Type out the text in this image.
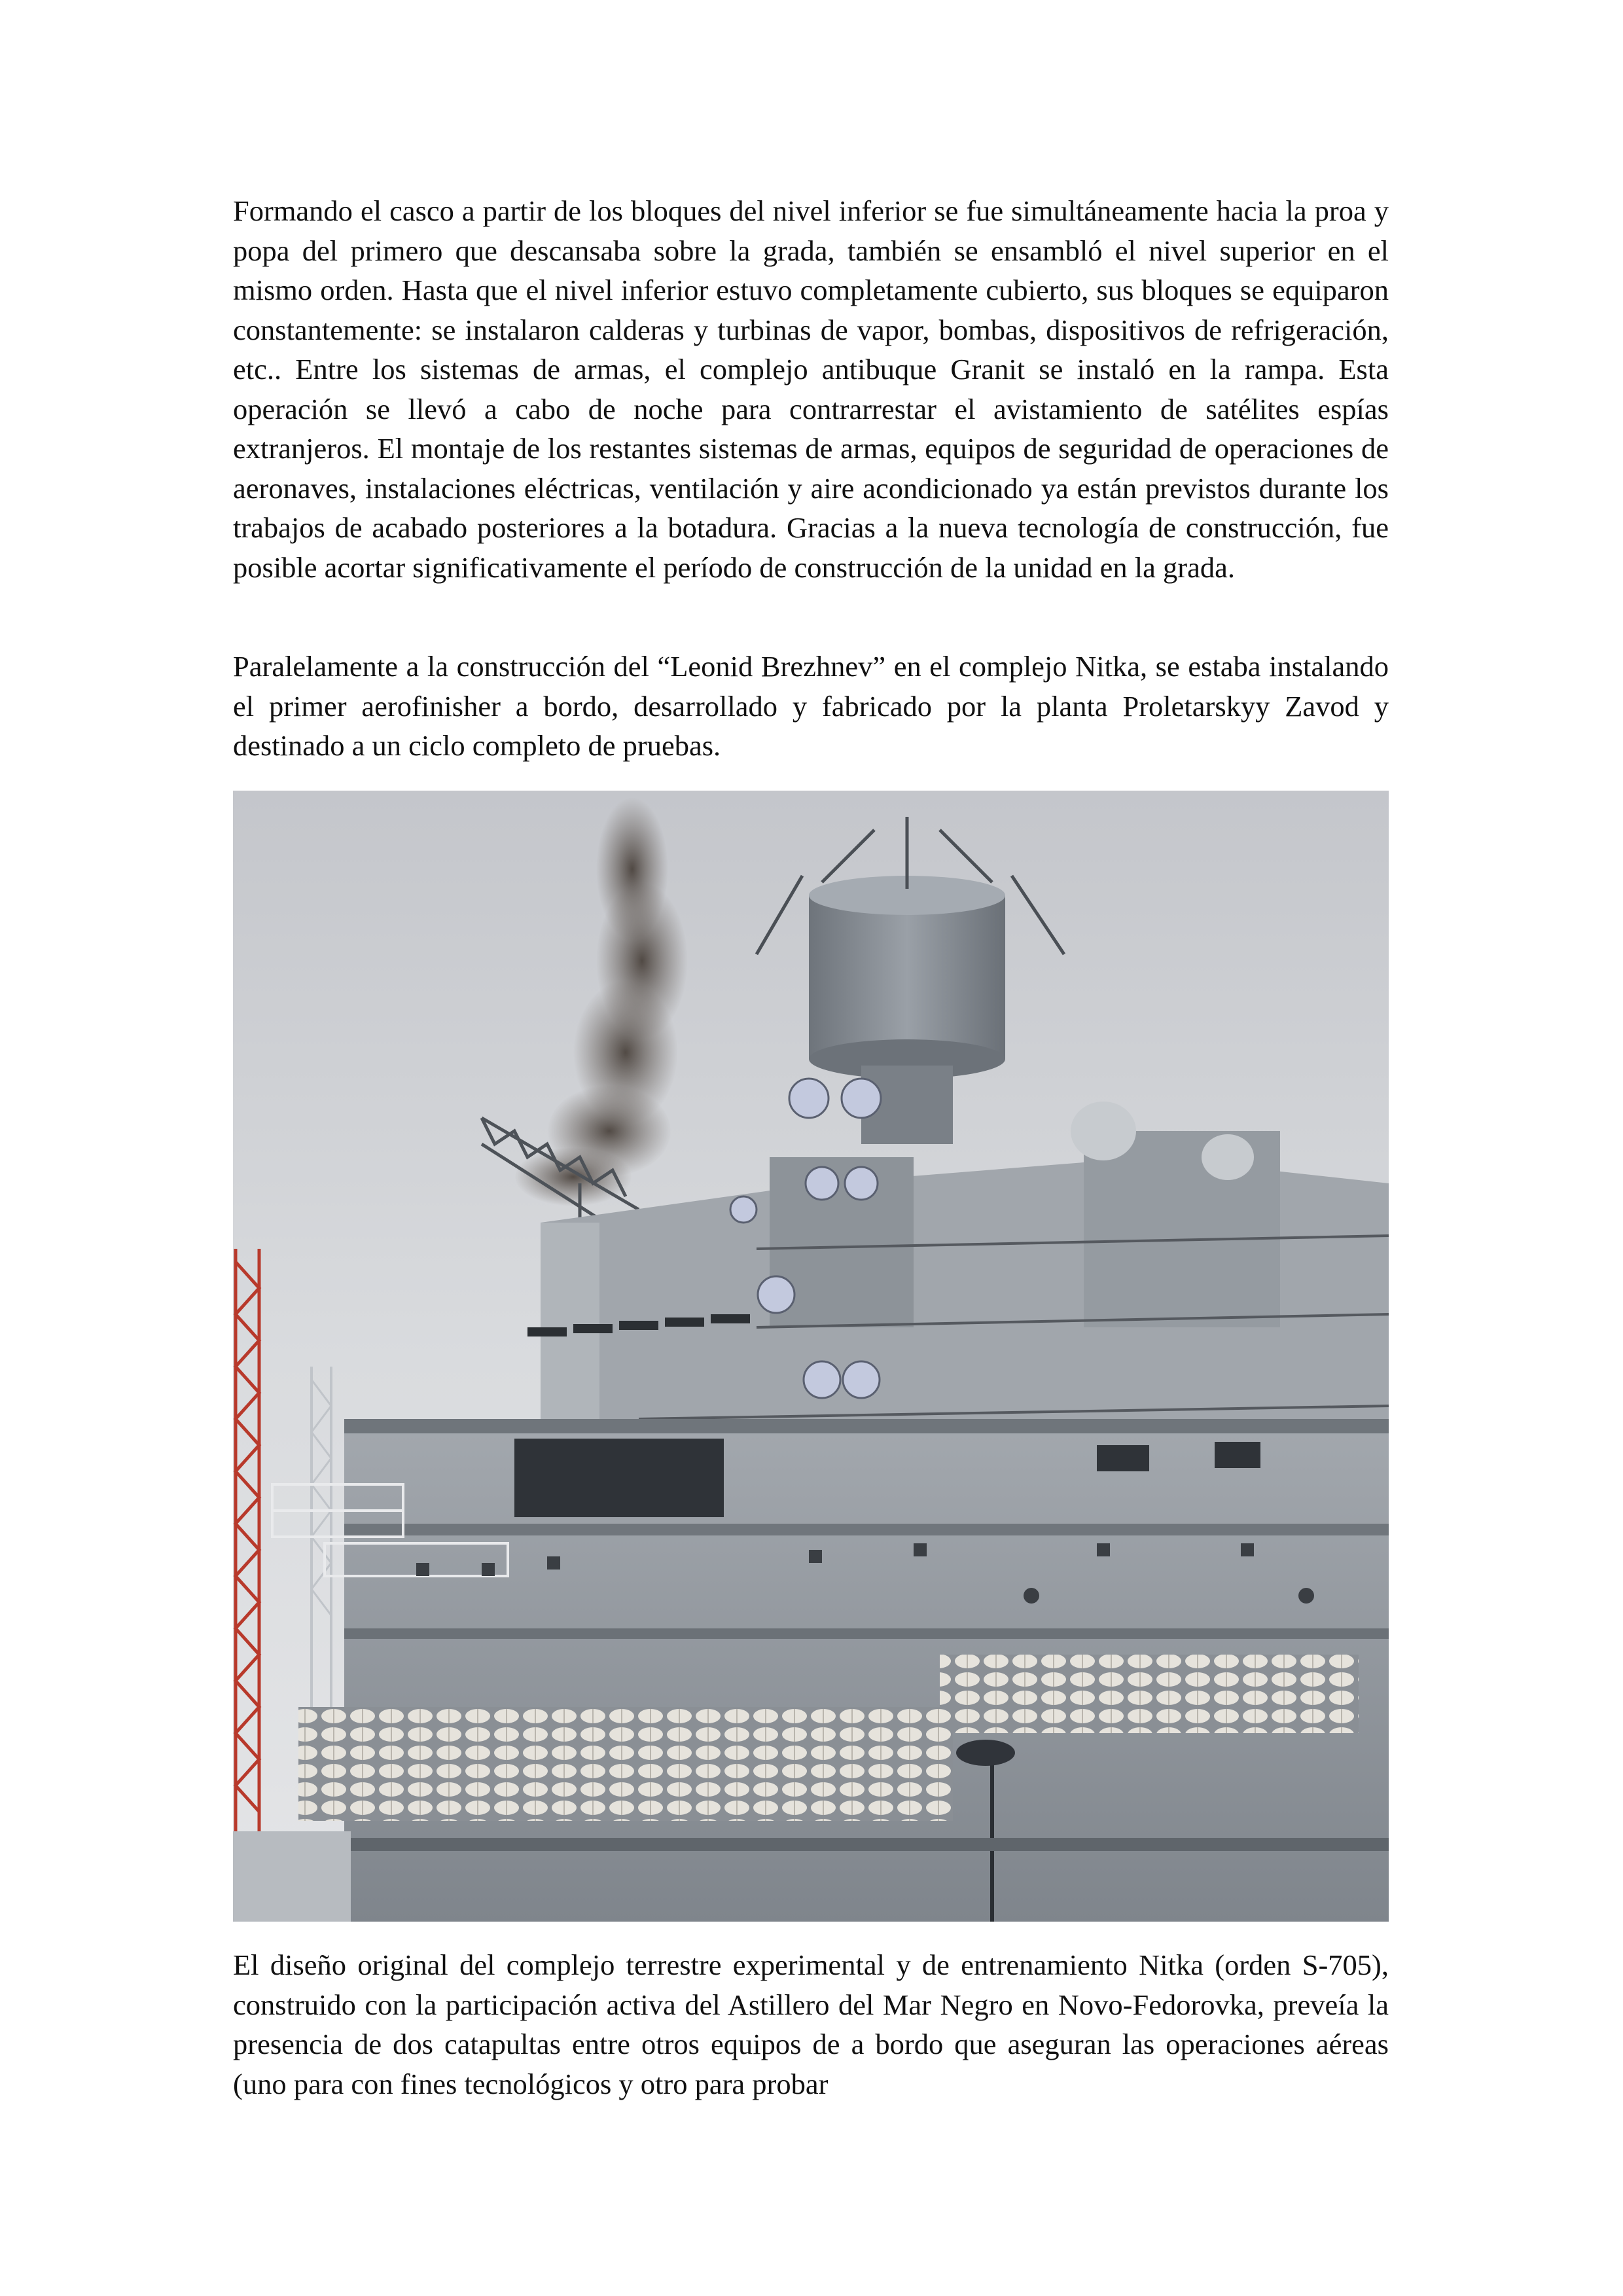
Formando el casco a partir de los bloques del nivel inferior se fue simultáneamente hacia la proa y popa del primero que descansaba sobre la grada, también se ensambló el nivel superior en el mismo orden. Hasta que el nivel inferior estuvo completamente cubierto, sus bloques se equiparon constantemente: se instalaron calderas y turbinas de vapor, bombas, dispositivos de refrigeración, etc.. Entre los sistemas de armas, el complejo antibuque Granit se instaló en la rampa. Esta operación se llevó a cabo de noche para contrarrestar el avistamiento de satélites espías extranjeros. El montaje de los restantes sistemas de armas, equipos de seguridad de operaciones de aeronaves, instalaciones eléctricas, ventilación y aire acondicionado ya están previstos durante los trabajos de acabado posteriores a la botadura. Gracias a la nueva tecnología de construcción, fue posible acortar significativamente el período de construcción de la unidad en la grada.

Paralelamente a la construcción del “Leonid Brezhnev” en el complejo Nitka, se estaba instalando el primer aerofinisher a bordo, desarrollado y fabricado por la planta Proletarskyy Zavod y destinado a un ciclo completo de pruebas.

El diseño original del complejo terrestre experimental y de entrenamiento Nitka (orden S-705), construido con la participación activa del Astillero del Mar Negro en Novo-Fedorovka, preveía la presencia de dos catapultas entre otros equipos de a bordo que aseguran las operaciones aéreas (uno para con fines tecnológicos y otro para probar
